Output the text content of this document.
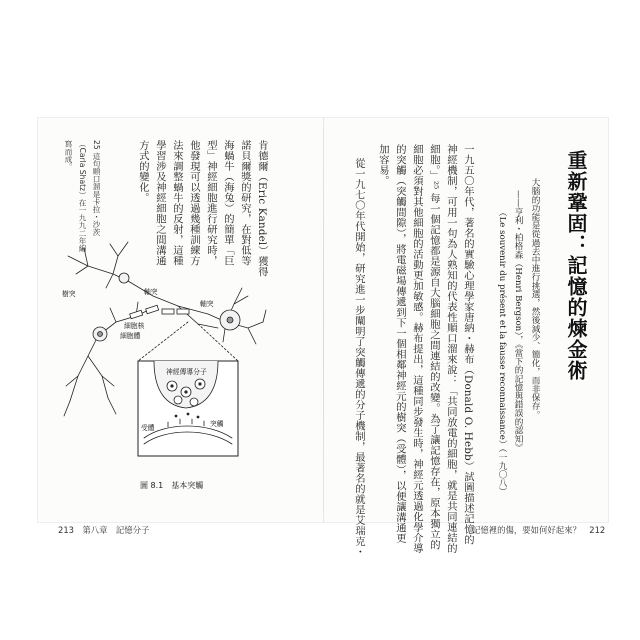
重新鞏固：記憶的煉金術
大腦的功能是從過去中進行挑選，然後減少、簡化，而非保存。
——亨利・柏格森（Henri Bergson），《當下的記憶與錯誤的認知》
（Le souvenir du présent et la fausse reconnaissance）（一九〇八）
一九五〇年代，著名的實驗心理學家唐納・赫布（Donald O. Hebb）試圖描述記憶的
神經機制，可用一句為人熟知的代表性順口溜來說：「共同放電的細胞，就是共同連結的
細胞。」²⁵ 每一個記憶都是源自大腦細胞之間連結的改變。為了讓記憶存在，原本獨立的
細胞必須對其他細胞的活動更加敏感。赫布提出，這種同步發生時，神經元透過化學介導
的突觸（突觸間隙），將電磁場傳遞到下一個相鄰神經元的樹突（受體），以便讓溝通更
加容易。
從一九七〇年代開始，研究進一步闡明了突觸傳遞的分子機制，最著名的就是艾瑞克・	記憶裡的傷，要如何好起來？　212
肯德爾（Eric Kandel）獲得
諾貝爾獎的研究，在對低等
海蝸牛（海兔）的簡單「巨
型」神經細胞進行研究時，
他發現可以透過幾種訓練方
法來調整蝸牛的反射，這種
學習涉及神經細胞之間溝通
方式的變化。
25 這句順口溜是卡拉・沙茨
（Carla Shatz）在一九九二年編
寫而成。
樹突	軸突
軸突
細胞核
細胞體
神經傳導分子
受體	突觸
圖 8.1　基本突觸
213　第八章　記憶分子
